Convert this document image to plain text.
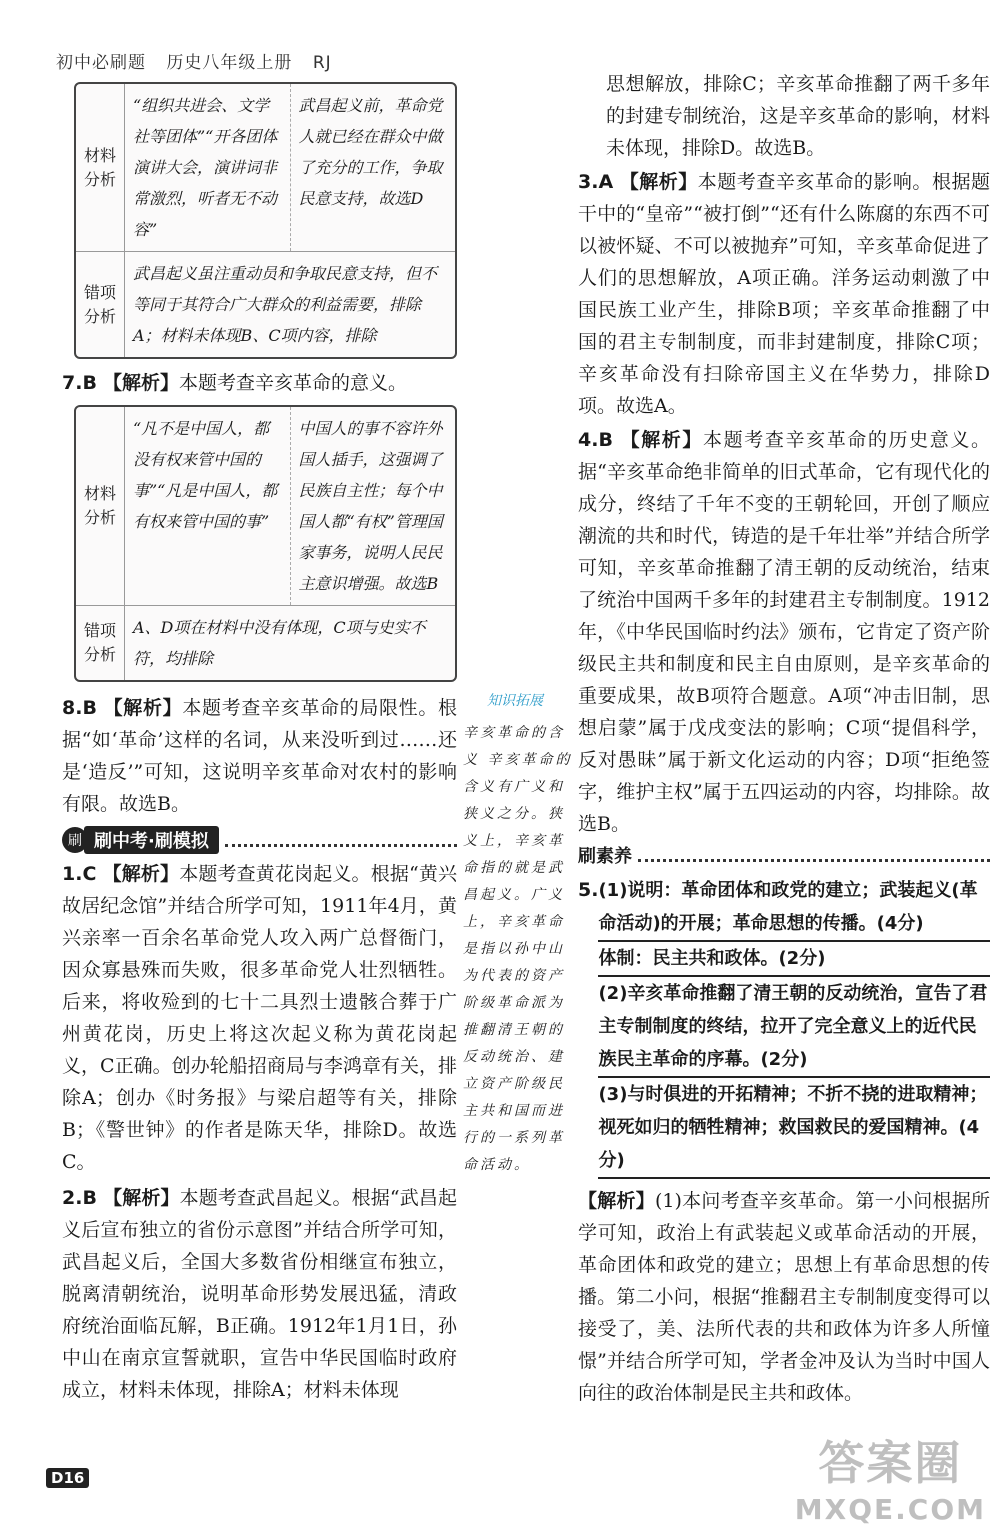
初中必刷题 历史八年级上册 RJ
材料分析
“组织共进会、文学社等团体”“开各团体演讲大会，演讲词非常激烈，听者无不动容”
武昌起义前，革命党人就已经在群众中做了充分的工作，争取民意支持，故选D
错项分析
武昌起义虽注重动员和争取民意支持，但不等同于其符合广大群众的利益需要，排除A；材料未体现B、C项内容，排除

7.B 【解析】本题考查辛亥革命的意义。

材料分析
“凡不是中国人，都没有权来管中国的事”“凡是中国人，都有权来管中国的事”
中国人的事不容许外国人插手，这强调了民族自主性；每个中国人都“有权”管理国家事务，说明人民民主意识增强。故选B
错项分析
A、D项在材料中没有体现，C项与史实不符，均排除

8.B 【解析】本题考查辛亥革命的局限性。根据“如‘革命’这样的名词，从来没听到过……还是‘造反’”可知，这说明辛亥革命对农村的影响有限。故选B。

刷 刷中考·刷模拟

1.C 【解析】本题考查黄花岗起义。根据“黄兴故居纪念馆”并结合所学可知，1911年4月，黄兴亲率一百余名革命党人攻入两广总督衙门，因众寡悬殊而失败，很多革命党人壮烈牺牲。后来，将收殓到的七十二具烈士遗骸合葬于广州黄花岗，历史上将这次起义称为黄花岗起义，C正确。创办轮船招商局与李鸿章有关，排除A；创办《时务报》与梁启超等有关，排除B；《警世钟》的作者是陈天华，排除D。故选C。

2.B 【解析】本题考查武昌起义。根据“武昌起义后宣布独立的省份示意图”并结合所学可知，武昌起义后，全国大多数省份相继宣布独立，脱离清朝统治，说明革命形势发展迅猛，清政府统治面临瓦解，B正确。1912年1月1日，孙中山在南京宣誓就职，宣告中华民国临时政府成立，材料未体现，排除A；材料未体现

知识拓展

辛亥革命的含义 辛亥革命的含义有广义和狭义之分。狭义上，辛亥革命指的就是武昌起义。广义上，辛亥革命是指以孙中山为代表的资产阶级革命派为推翻清王朝的反动统治、建立资产阶级民主共和国而进行的一系列革命活动。

思想解放，排除C；辛亥革命推翻了两千多年的封建专制统治，这是辛亥革命的影响，材料未体现，排除D。故选B。

3.A 【解析】本题考查辛亥革命的影响。根据题干中的“皇帝”“被打倒”“还有什么陈腐的东西不可以被怀疑、不可以被抛弃”可知，辛亥革命促进了人们的思想解放，A项正确。洋务运动刺激了中国民族工业产生，排除B项；辛亥革命推翻了中国的君主专制制度，而非封建制度，排除C项；辛亥革命没有扫除帝国主义在华势力，排除D项。故选A。

4.B 【解析】本题考查辛亥革命的历史意义。据“辛亥革命绝非简单的旧式革命，它有现代化的成分，终结了千年不变的王朝轮回，开创了顺应潮流的共和时代，铸造的是千年壮举”并结合所学可知，辛亥革命推翻了清王朝的反动统治，结束了统治中国两千多年的封建君主专制制度。1912年，《中华民国临时约法》颁布，它肯定了资产阶级民主共和制度和民主自由原则，是辛亥革命的重要成果，故B项符合题意。A项“冲击旧制，思想启蒙”属于戊戌变法的影响；C项“提倡科学，反对愚昧”属于新文化运动的内容；D项“拒绝签字，维护主权”属于五四运动的内容，均排除。故选B。

刷素养
5. (1)说明：革命团体和政党的建立；武装起义(革命活动)的开展；革命思想的传播。(4分)

体制：民主共和政体。(2分)

(2)辛亥革命推翻了清王朝的反动统治，宣告了君主专制制度的终结，拉开了完全意义上的近代民族民主革命的序幕。(2分)

(3)与时俱进的开拓精神；不折不挠的进取精神；视死如归的牺牲精神；救国救民的爱国精神。(4分)

【解析】(1)本问考查辛亥革命。第一小问根据所学可知，政治上有武装起义或革命活动的开展，革命团体和政党的建立；思想上有革命思想的传播。第二小问，根据“推翻君主专制制度变得可以接受了，美、法所代表的共和政体为许多人所憧憬”并结合所学可知，学者金冲及认为当时中国人向往的政治体制是民主共和政体。

D16	答案圈
MXQE.COM
